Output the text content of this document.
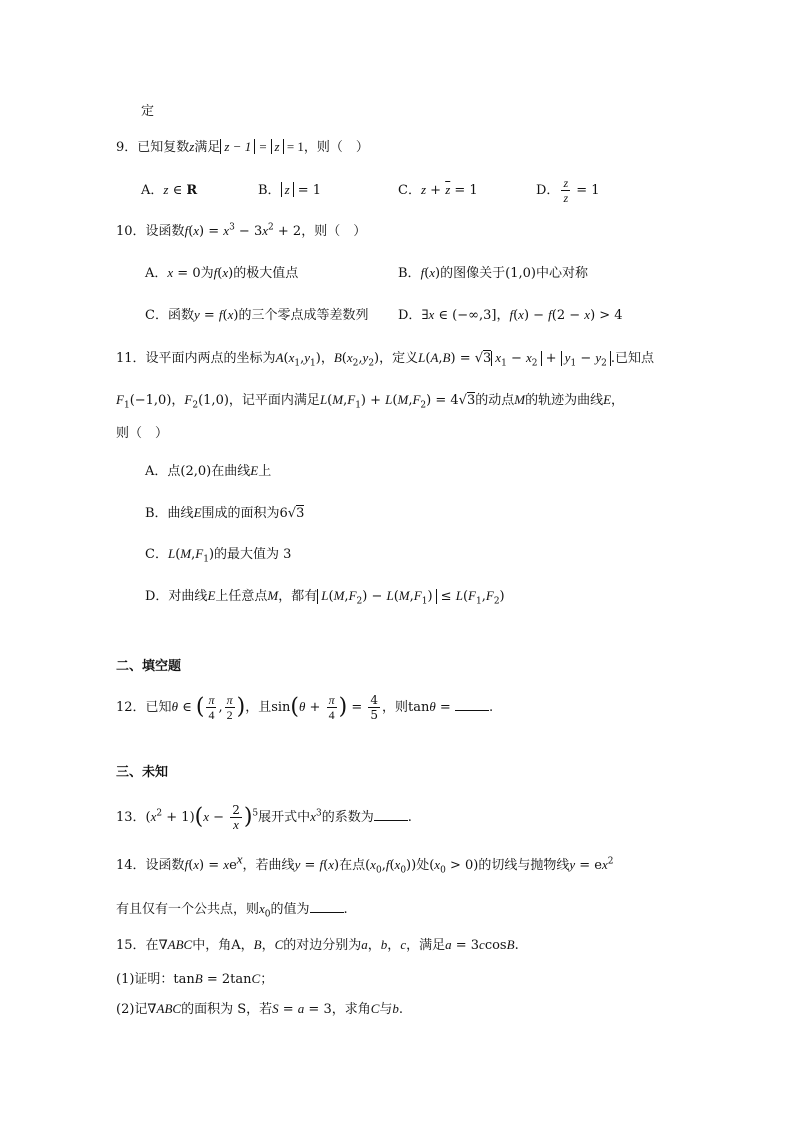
定
9．已知复数z满足 z − 1 = z = 1，则（　）
A．z ∈ R	B． z = 1	C．$z + \overline{z} = 1$	D． $\frac{z}{z} = 1$
10．设函数$f(x) = x^3 - 3x^2 + 2$，则（　）
A．x = 0为f(x)的极大值点	B．f(x)的图像关于(1,0)中心对称
C．函数y = f(x)的三个零点成等差数列 D．∃x ∈ (−∞,3]，f(x) − f(2 − x) > 4
11．设平面内两点的坐标为$A(x_1,y_1)$，$B(x_2,y_2)$，定义L(A,B) = √3 $x_1 - x_2 + y_1 - y_2$ .已知点
$F_1(-1,0)$，$F_2(1,0)$，记平面内满足$L(M,F_1) + L(M,F_2) = 4√3$的动点M的轨迹为曲线E，
则（　）
A．点(2,0)在曲线E上
B．曲线E围成的面积为6√3
C．$L(M,F_1)$的最大值为 3
D．对曲线E上任意点M，都有 $L(M,F_2) - L(M,F_1) \le L(F_1,F_2)$
二、填空题
12．已知θ ∈ ( $\frac{\pi}{4}$ , $\frac{\pi}{2}$ )，且$\sin(\theta + \frac{\pi}{4}$ ) = $\frac{4}{5}$ ，则tanθ =	.
三、未知
13．$(x^2 + 1)(x - \frac{2}{x} )^5$展开式中$x^3$的系数为	.
14．设函数$f(x) = xe^x$，若曲线y = f(x)在点$(x_0,f(x_0))$处$(x_0 > 0)$的切线与抛物线$y = ex^2$
有且仅有一个公共点，则$x_0$的值为	.
15．在∇ABC中，角A，B，C的对边分别为a，b，c，满足a = 3ccosB.
(1)证明：tanB = 2tanC；
(2)记∇ABC的面积为 S，若S = a = 3，求角C与b.
